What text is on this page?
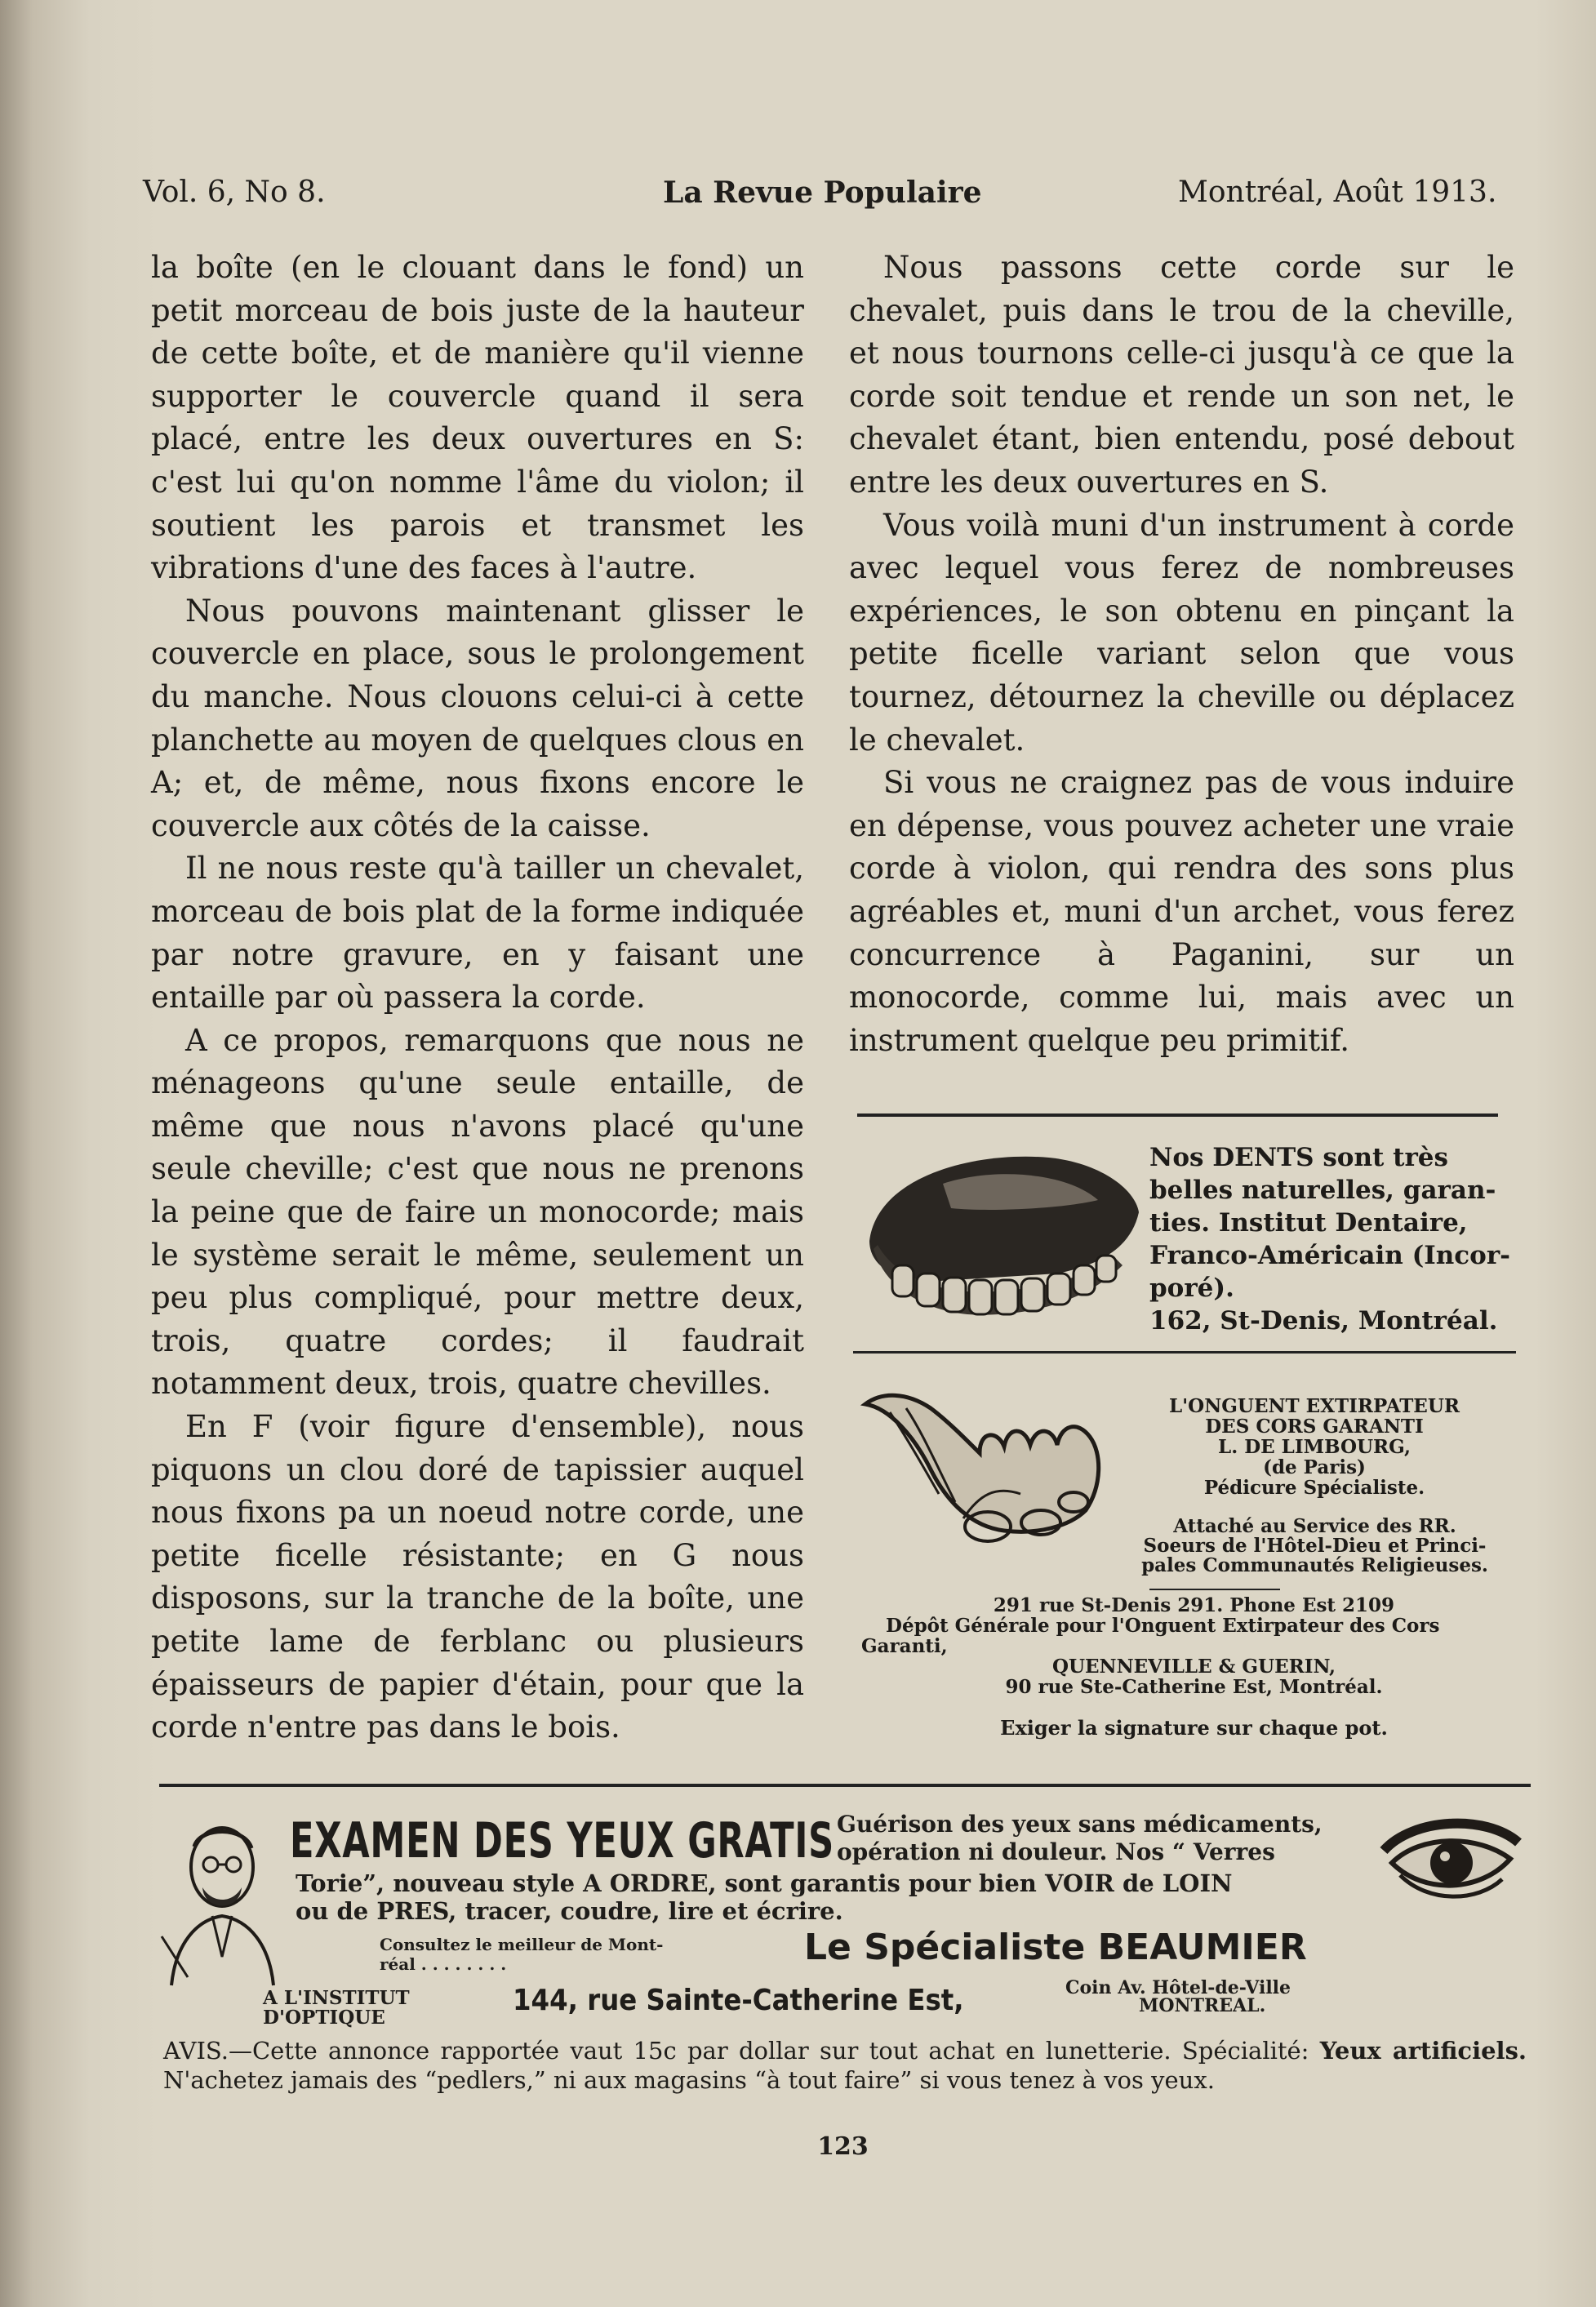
Vol. 6, No 8.	La Revue Populaire	Montréal, Août 1913.

la boîte (en le clouant dans le fond) un petit morceau de bois juste de la hauteur de cette boîte, et de manière qu'il vienne supporter le couvercle quand il sera placé, entre les deux ouvertures en S: c'est lui qu'on nomme l'âme du violon; il soutient les parois et transmet les vibrations d'une des faces à l'autre.

Nous pouvons maintenant glisser le couvercle en place, sous le prolongement du manche. Nous clouons celui-ci à cette planchette au moyen de quelques clous en A; et, de même, nous fixons encore le couvercle aux côtés de la caisse.

Il ne nous reste qu'à tailler un chevalet, morceau de bois plat de la forme indiquée par notre gravure, en y faisant une entaille par où passera la corde.

A ce propos, remarquons que nous ne ménageons qu'une seule entaille, de même que nous n'avons placé qu'une seule cheville; c'est que nous ne prenons la peine que de faire un monocorde; mais le système serait le même, seulement un peu plus compliqué, pour mettre deux, trois, quatre cordes; il faudrait notamment deux, trois, quatre chevilles.

En F (voir figure d'ensemble), nous piquons un clou doré de tapissier auquel nous fixons pa un noeud notre corde, une petite ficelle résistante; en G nous disposons, sur la tranche de la boîte, une petite lame de ferblanc ou plusieurs épaisseurs de papier d'étain, pour que la corde n'entre pas dans le bois.

Nous passons cette corde sur le chevalet, puis dans le trou de la cheville, et nous tournons celle-ci jusqu'à ce que la corde soit tendue et rende un son net, le chevalet étant, bien entendu, posé debout entre les deux ouvertures en S.

Vous voilà muni d'un instrument à corde avec lequel vous ferez de nombreuses expériences, le son obtenu en pinçant la petite ficelle variant selon que vous tournez, détournez la cheville ou déplacez le chevalet.

Si vous ne craignez pas de vous induire en dépense, vous pouvez acheter une vraie corde à violon, qui rendra des sons plus agréables et, muni d'un archet, vous ferez concurrence à Paganini, sur un monocorde, comme lui, mais avec un instrument quelque peu primitif.

Nos DENTS sont très
belles naturelles, garan-
ties. Institut Dentaire,
Franco-Américain (Incor-
poré).
162, St-Denis, Montréal.
L'ONGUENT EXTIRPATEUR
DES CORS GARANTI
L. DE LIMBOURG,
(de Paris)
Pédicure Spécialiste.
Attaché au Service des RR.
Soeurs de l'Hôtel-Dieu et Princi-
pales Communautés Religieuses.
291 rue St-Denis 291. Phone Est 2109
Dépôt Générale pour l'Onguent Extirpateur des Cors
Garanti,
QUENNEVILLE & GUERIN,
90 rue Ste-Catherine Est, Montréal.
Exiger la signature sur chaque pot.
EXAMEN DES YEUX GRATIS Guérison des yeux sans médicaments,
opération ni douleur. Nos “ Verres
Torie”, nouveau style A ORDRE, sont garantis pour bien VOIR de LOIN
ou de PRES, tracer, coudre, lire et écrire.
Consultez le meilleur de Mont-
réal . . . . . . . .	Le Spécialiste BEAUMIER
A L'INSTITUT
D'OPTIQUE
144, rue Sainte-Catherine Est,	Coin Av. Hôtel-de-Ville
MONTREAL.
AVIS.—Cette annonce rapportée vaut 15c par dollar sur tout achat en lunetterie. Spécialité: Yeux artificiels. N'achetez jamais des “pedlers,” ni aux magasins “à tout faire” si vous tenez à vos yeux.
123
